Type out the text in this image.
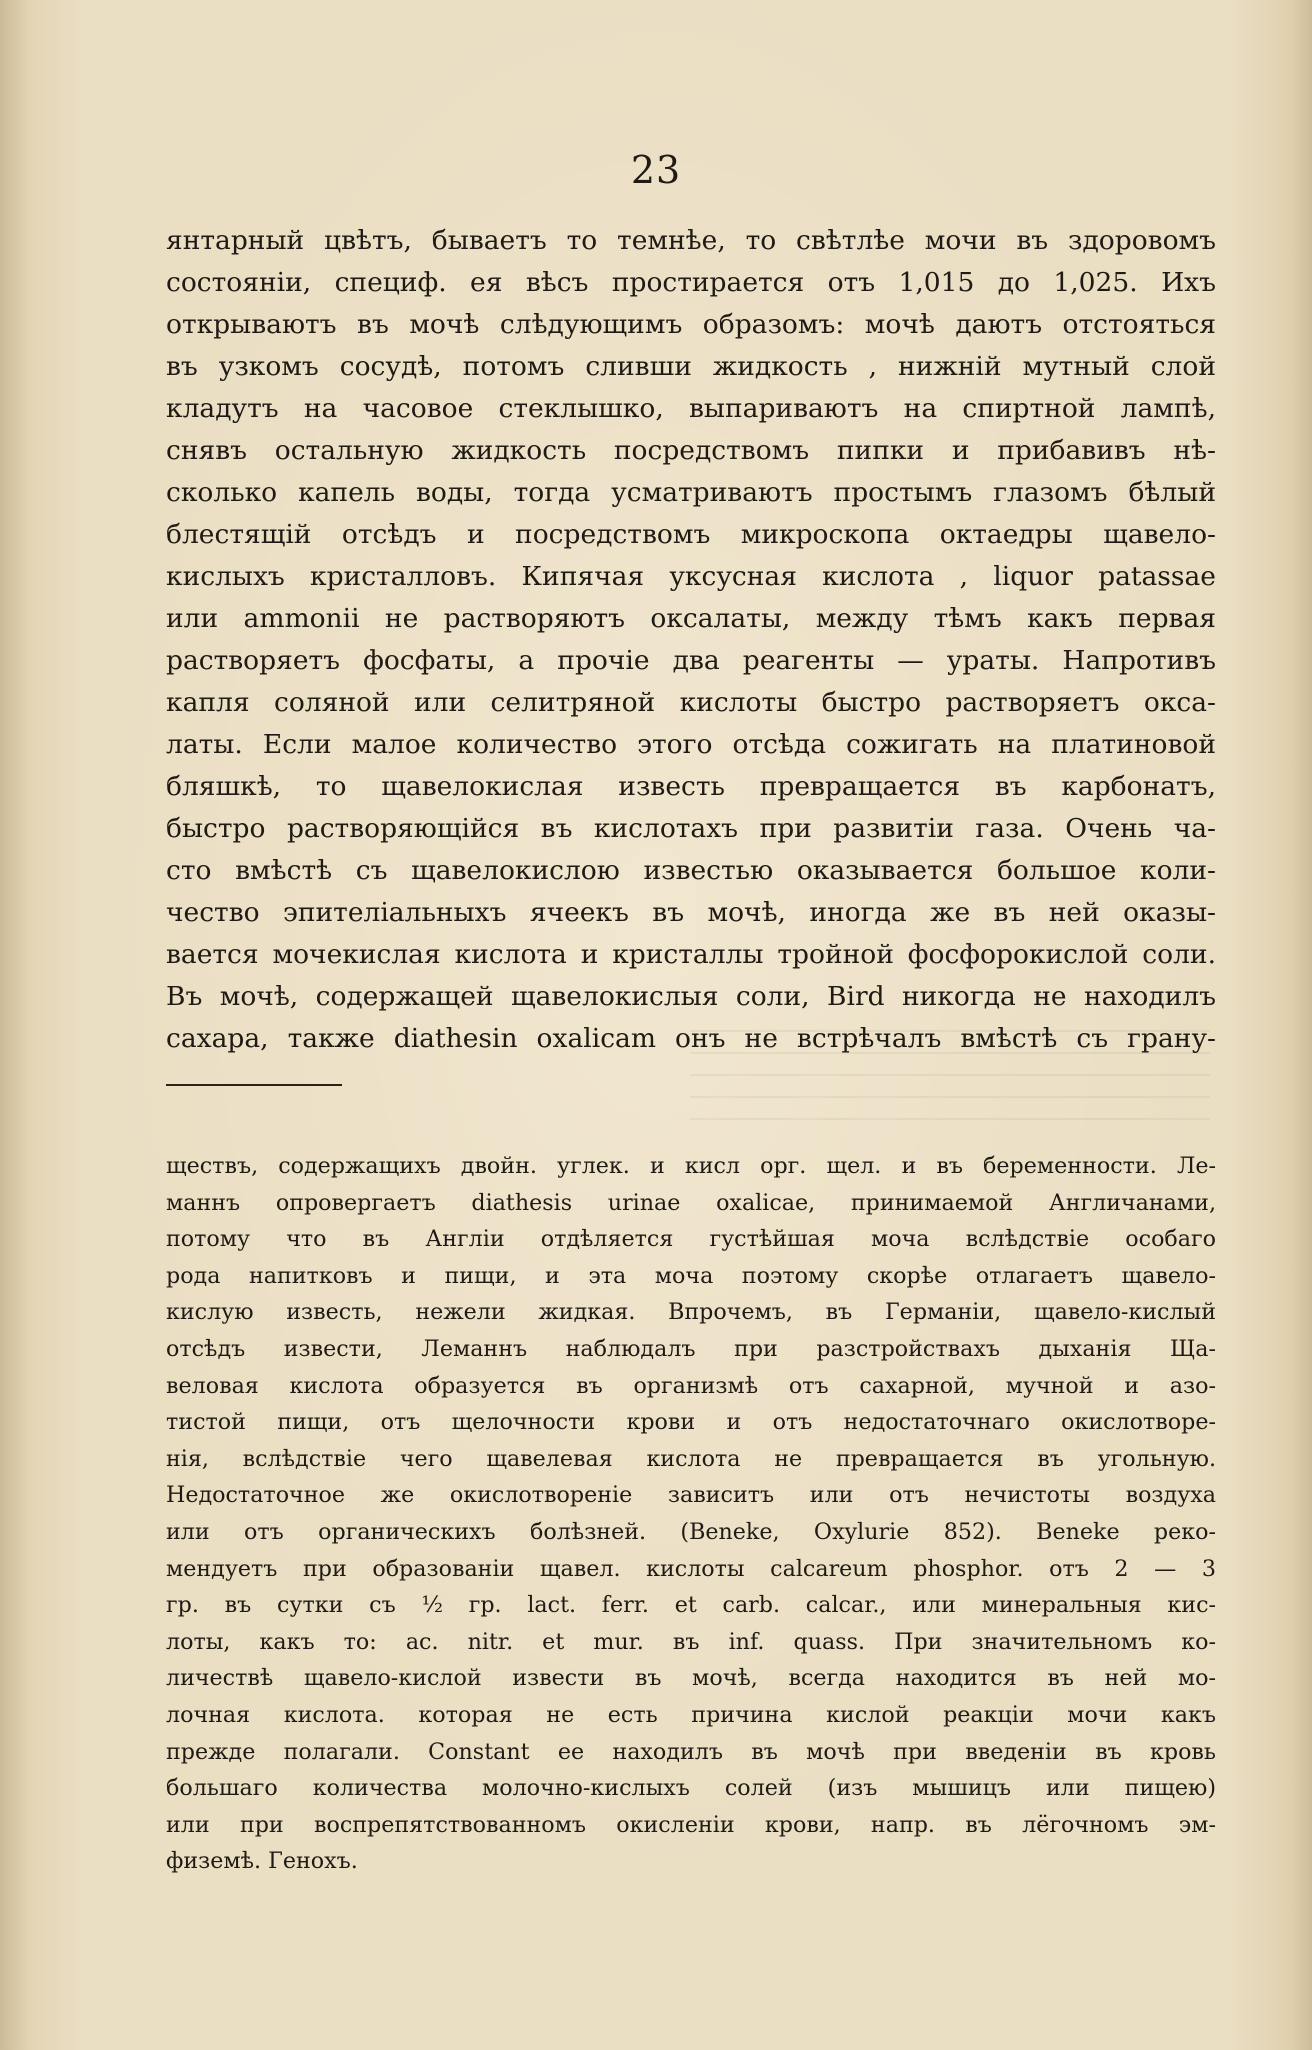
23
янтарный цвѣтъ, бываетъ то темнѣе, то свѣтлѣе мочи въ здоровомъ
состояніи, специф. ея вѣсъ простирается отъ 1,015 до 1,025. Ихъ
открываютъ въ мочѣ слѣдующимъ образомъ: мочѣ даютъ отстояться
въ узкомъ сосудѣ, потомъ сливши жидкость , нижній мутный слой
кладутъ на часовое стеклышко, выпариваютъ на спиртной лампѣ,
снявъ остальную жидкость посредствомъ пипки и прибавивъ нѣ-
сколько капель воды, тогда усматриваютъ простымъ глазомъ бѣлый
блестящій отсѣдъ и посредствомъ микроскопа октаедры щавело-
кислыхъ кристалловъ. Кипячая уксусная кислота , liquor patassae
или ammonii не растворяютъ оксалаты, между тѣмъ какъ первая
растворяетъ фосфаты, а прочіе два реагенты — ураты. Напротивъ
капля соляной или селитряной кислоты быстро растворяетъ окса-
латы. Если малое количество этого отсѣда сожигать на платиновой
бляшкѣ, то щавелокислая известь превращается въ карбонатъ,
быстро растворяющійся въ кислотахъ при развитіи газа. Очень ча-
сто вмѣстѣ съ щавелокислою известью оказывается большое коли-
чество эпителіальныхъ ячеекъ въ мочѣ, иногда же въ ней оказы-
вается мочекислая кислота и кристаллы тройной фосфорокислой соли.
Въ мочѣ, содержащей щавелокислыя соли, Bird никогда не находилъ
сахара, также diathesin oxalicam онъ не встрѣчалъ вмѣстѣ съ грану-
ществъ, содержащихъ двойн. углек. и кисл орг. щел. и въ беременности. Ле-
маннъ опровергаетъ diathesis urinae oxalicae, принимаемой Англичанами,
потому что въ Англіи отдѣляется густѣйшая моча вслѣдствіе особаго
рода напитковъ и пищи, и эта моча поэтому скорѣе отлагаетъ щавело-
кислую известь, нежели жидкая. Впрочемъ, въ Германіи, щавело-кислый
отсѣдъ извести, Леманнъ наблюдалъ при разстройствахъ дыханія Ща-
веловая кислота образуется въ организмѣ отъ сахарной, мучной и азо-
тистой пищи, отъ щелочности крови и отъ недостаточнаго окислотворе-
нія, вслѣдствіе чего щавелевая кислота не превращается въ угольную.
Недостаточное же окислотвореніе зависитъ или отъ нечистоты воздуха
или отъ органическихъ болѣзней. (Beneke, Oxylurie 852). Beneke реко-
мендуетъ при образованіи щавел. кислоты calcareum phosphor. отъ 2 — 3
гр. въ сутки съ ½ гр. lact. ferr. et carb. calcar., или минеральныя кис-
лоты, какъ то: ac. nitr. et mur. въ inf. quass. При значительномъ ко-
личествѣ щавело-кислой извести въ мочѣ, всегда находится въ ней мо-
лочная кислота. которая не есть причина кислой реакціи мочи какъ
прежде полагали. Constant ее находилъ въ мочѣ при введеніи въ кровь
большаго количества молочно-кислыхъ солей (изъ мышицъ или пищею)
или при воспрепятствованномъ окисленіи крови, напр. въ лёгочномъ эм-
физемѣ. Генохъ.
